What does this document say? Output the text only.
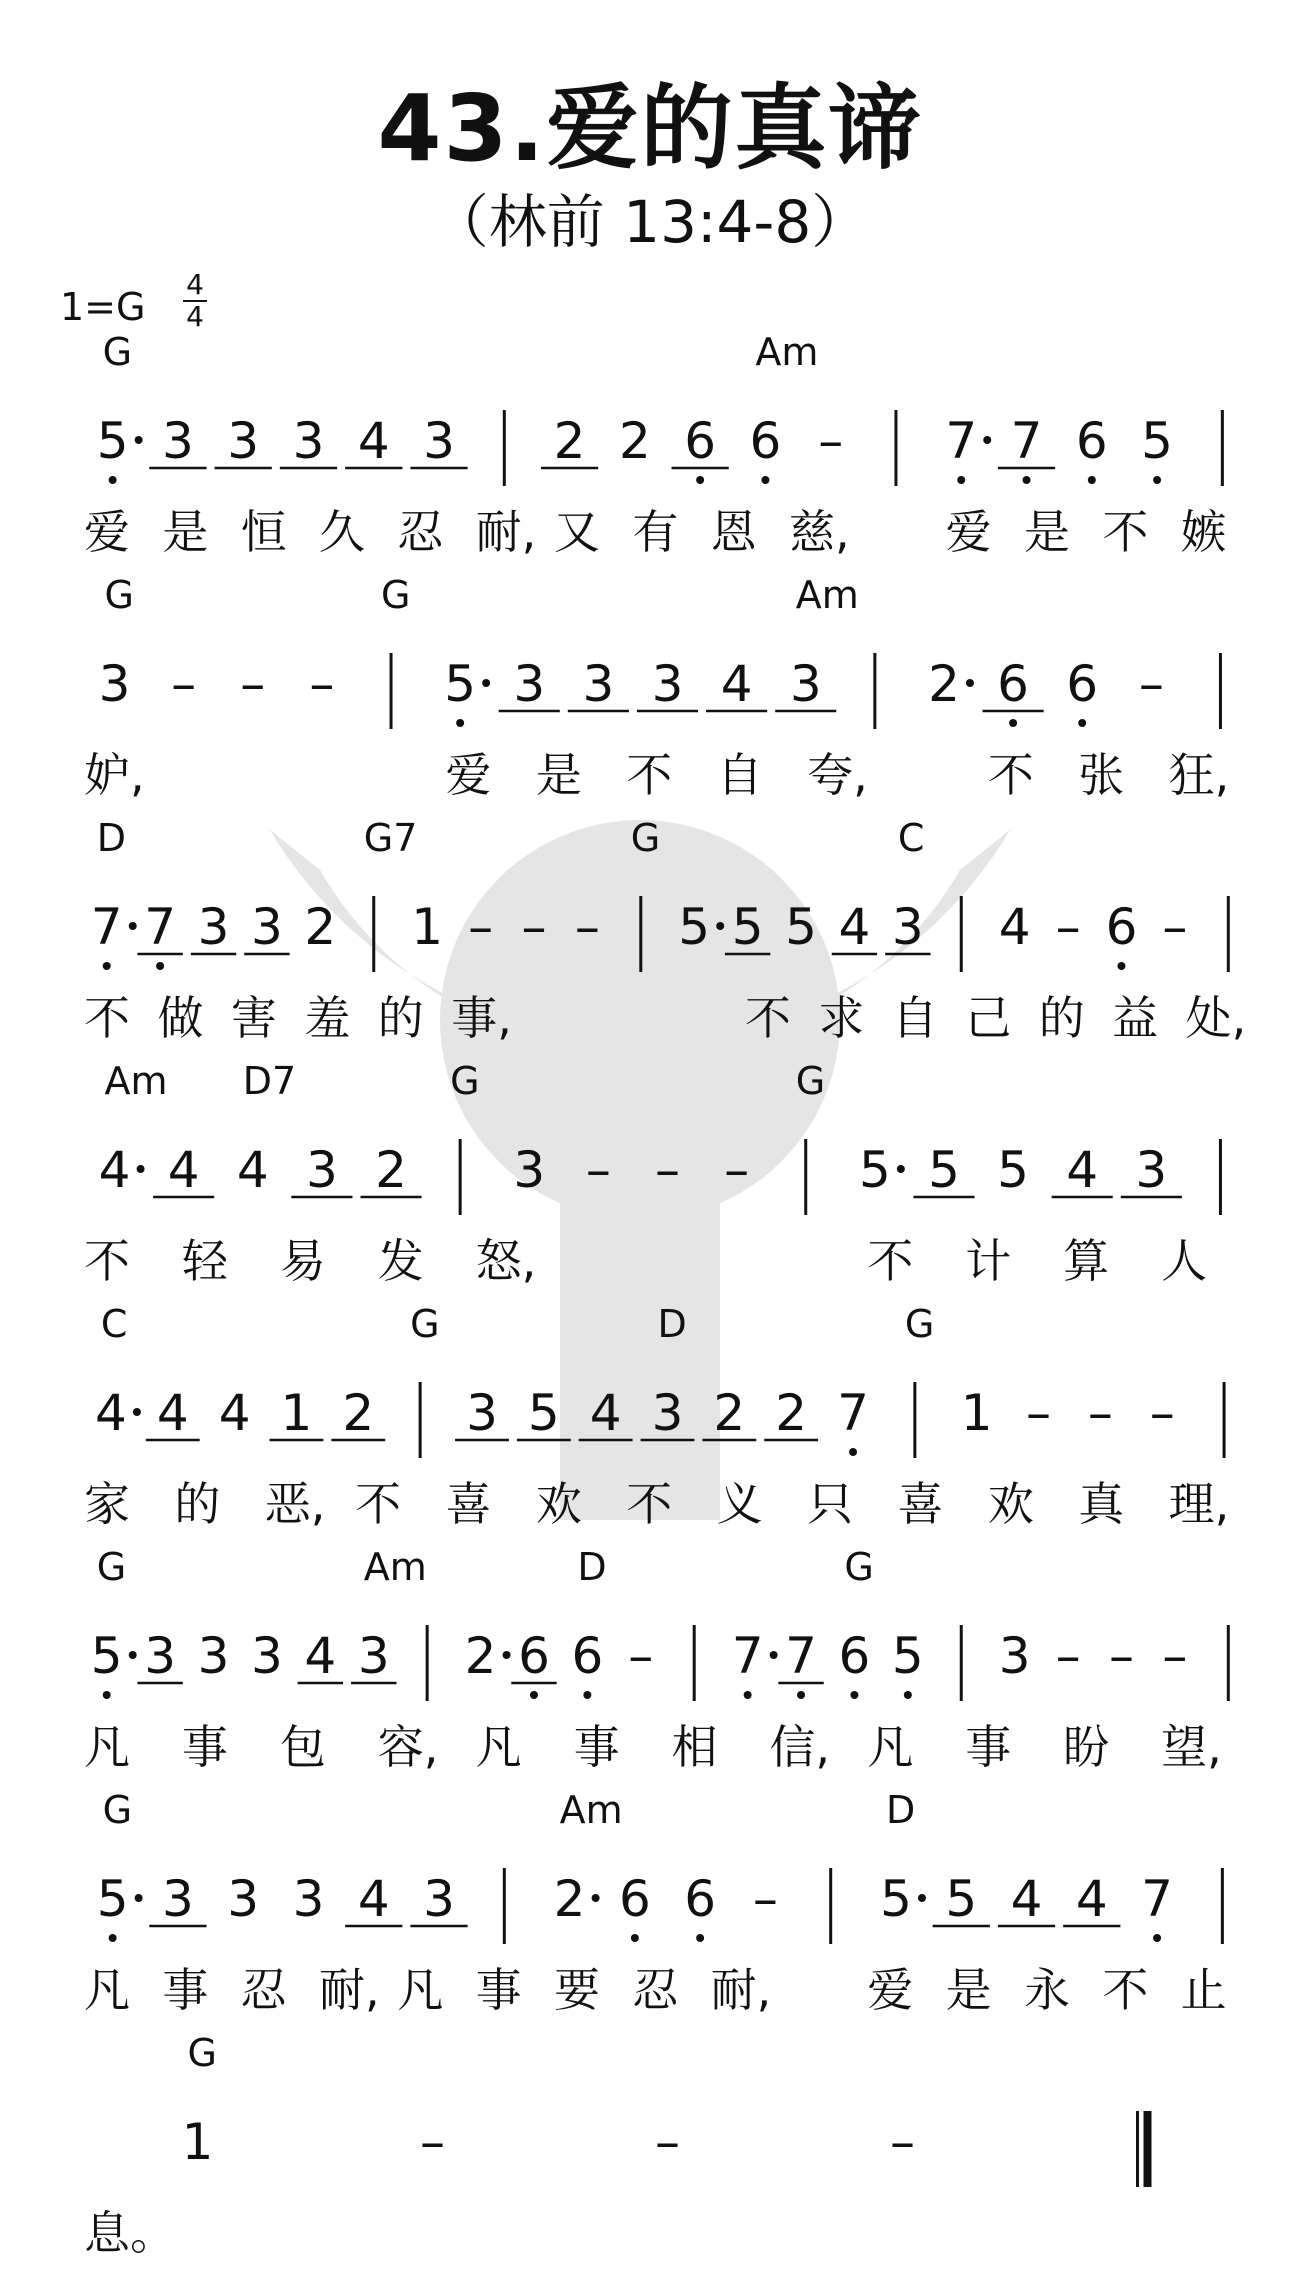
43.爱的真谛
（林前 13:4-8）
1=G
4
4
5 3 3 3 4 3 2 2 6 6 – 7 7 6 5
G	Am
爱 是 恒 久 忍 耐, 又 有 恩 慈, 爱 是 不 嫉
3 – – – 5 3 3 3 4 3 2 6 6 –
G	G	Am
妒,	爱 是 不 自 夸,	不 张 狂,
7 7 3 3 2 1 – – – 5 5 5 4 3 4 – 6 –
D	G7	G	C
不 做 害 羞 的 事,	不 求 自 己 的 益 处,
4 4 4 3 2 3 – – – 5 5 5 4 3
Am D7	G	G
不 轻 易 发 怒,	不 计 算 人
4 4 4 1 2 3 5 4 3 2 2 7 1 – – –
C	G	D	G
家 的 恶, 不 喜 欢 不 义 只 喜 欢 真 理,
5 3 3 3 4 3 2 6 6 – 7 7 6 5 3 – – –
G	Am	D	G
凡 事 包 容, 凡 事 相 信, 凡 事 盼 望,
5 3 3 3 4 3 2 6 6 – 5 5 4 4 7
G	Am	D
凡 事 忍 耐, 凡 事 要 忍 耐, 爱 是 永 不 止
1	–	–	–
G
息。
